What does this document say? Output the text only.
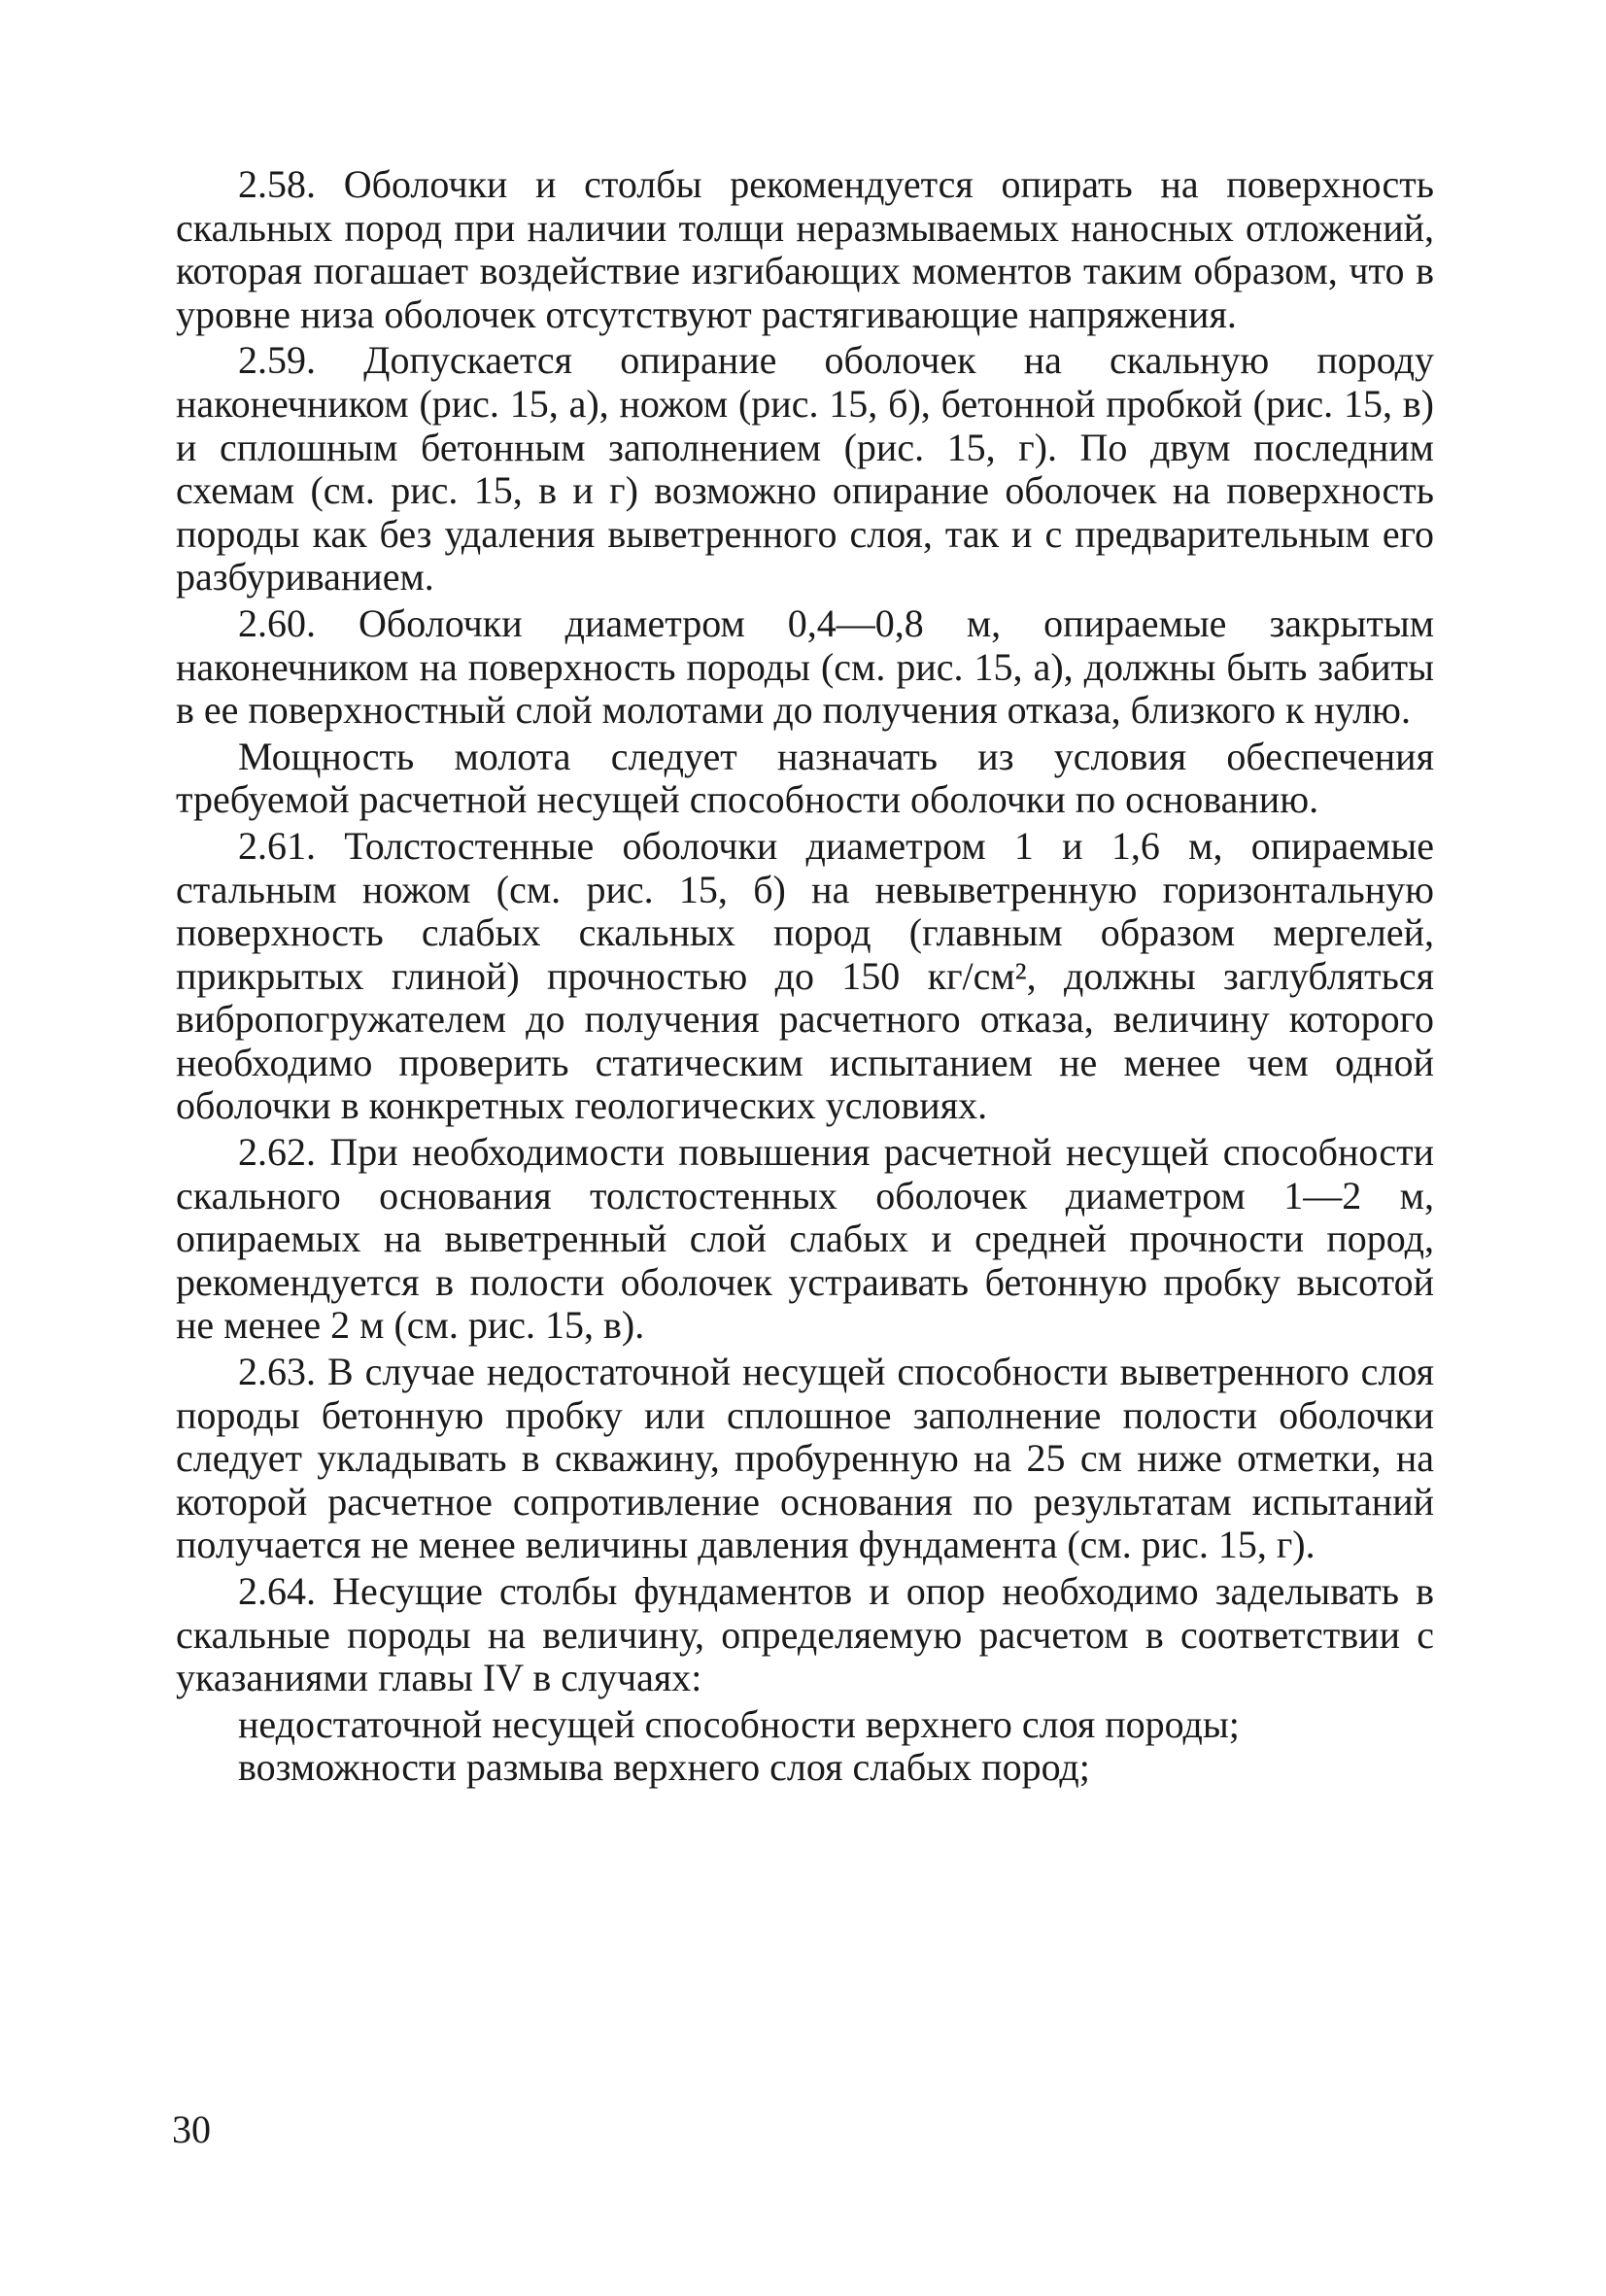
2.58. Оболочки и столбы рекомендуется опирать на поверхность скальных пород при наличии толщи неразмываемых наносных отложений, которая погашает воздействие изгибающих моментов таким образом, что в уровне низа оболочек отсутствуют растягивающие напряжения.

2.59. Допускается опирание оболочек на скальную породу наконечником (рис. 15, а), ножом (рис. 15, б), бетонной пробкой (рис. 15, в) и сплошным бетонным заполнением (рис. 15, г). По двум последним схемам (см. рис. 15, в и г) возможно опирание оболочек на поверхность породы как без удаления выветренного слоя, так и с предварительным его разбуриванием.

2.60. Оболочки диаметром 0,4—0,8 м, опираемые закрытым наконечником на поверхность породы (см. рис. 15, а), должны быть забиты в ее поверхностный слой молотами до получения отказа, близкого к нулю.

Мощность молота следует назначать из условия обеспечения требуемой расчетной несущей способности оболочки по основанию.

2.61. Толстостенные оболочки диаметром 1 и 1,6 м, опираемые стальным ножом (см. рис. 15, б) на невыветренную горизонтальную поверхность слабых скальных пород (главным образом мергелей, прикрытых глиной) прочностью до 150 кг/см², должны заглубляться вибропогружателем до получения расчетного отказа, величину которого необходимо проверить статическим испытанием не менее чем одной оболочки в конкретных геологических условиях.

2.62. При необходимости повышения расчетной несущей способности скального основания толстостенных оболочек диаметром 1—2 м, опираемых на выветренный слой слабых и средней прочности пород, рекомендуется в полости оболочек устраивать бетонную пробку высотой не менее 2 м (см. рис. 15, в).

2.63. В случае недостаточной несущей способности выветренного слоя породы бетонную пробку или сплошное заполнение полости оболочки следует укладывать в скважину, пробуренную на 25 см ниже отметки, на которой расчетное сопротивление основания по результатам испытаний получается не менее величины давления фундамента (см. рис. 15, г).

2.64. Несущие столбы фундаментов и опор необходимо заделывать в скальные породы на величину, определяемую расчетом в соответствии с указаниями главы IV в случаях:

недостаточной несущей способности верхнего слоя породы;

возможности размыва верхнего слоя слабых пород;

30
